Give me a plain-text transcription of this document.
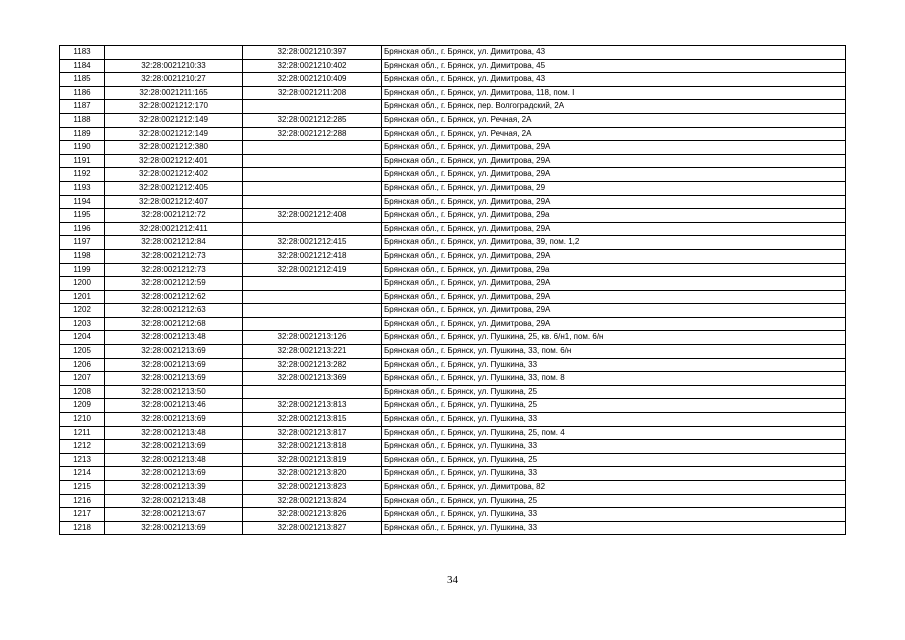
1183		32:28:0021210:397	Брянская обл., г. Брянск, ул. Димитрова, 43
1184	32:28:0021210:33	32:28:0021210:402	Брянская обл., г. Брянск, ул. Димитрова, 45
1185	32:28:0021210:27	32:28:0021210:409	Брянская обл., г. Брянск, ул. Димитрова, 43
1186	32:28:0021211:165	32:28:0021211:208	Брянская обл., г. Брянск, ул. Димитрова, 118, пом. I
1187	32:28:0021212:170		Брянская обл., г. Брянск, пер. Волгоградский, 2А
1188	32:28:0021212:149	32:28:0021212:285	Брянская обл., г. Брянск, ул. Речная, 2А
1189	32:28:0021212:149	32:28:0021212:288	Брянская обл., г. Брянск, ул. Речная, 2А
1190	32:28:0021212:380		Брянская обл., г. Брянск, ул. Димитрова, 29А
1191	32:28:0021212:401		Брянская обл., г. Брянск, ул. Димитрова, 29А
1192	32:28:0021212:402		Брянская обл., г. Брянск, ул. Димитрова, 29А
1193	32:28:0021212:405		Брянская обл., г. Брянск, ул. Димитрова, 29
1194	32:28:0021212:407		Брянская обл., г. Брянск, ул. Димитрова, 29А
1195	32:28:0021212:72	32:28:0021212:408	Брянская обл., г. Брянск, ул. Димитрова, 29а
1196	32:28:0021212:411		Брянская обл., г. Брянск, ул. Димитрова, 29А
1197	32:28:0021212:84	32:28:0021212:415	Брянская обл., г. Брянск, ул. Димитрова, 39, пом. 1,2
1198	32:28:0021212:73	32:28:0021212:418	Брянская обл., г. Брянск, ул. Димитрова, 29А
1199	32:28:0021212:73	32:28:0021212:419	Брянская обл., г. Брянск, ул. Димитрова, 29а
1200	32:28:0021212:59		Брянская обл., г. Брянск, ул. Димитрова, 29А
1201	32:28:0021212:62		Брянская обл., г. Брянск, ул. Димитрова, 29А
1202	32:28:0021212:63		Брянская обл., г. Брянск, ул. Димитрова, 29А
1203	32:28:0021212:68		Брянская обл., г. Брянск, ул. Димитрова, 29А
1204	32:28:0021213:48	32:28:0021213:126	Брянская обл., г. Брянск, ул. Пушкина, 25, кв. 6/н1, пом. 6/н
1205	32:28:0021213:69	32:28:0021213:221	Брянская обл., г. Брянск, ул. Пушкина, 33, пом. 6/н
1206	32:28:0021213:69	32:28:0021213:282	Брянская обл., г. Брянск, ул. Пушкина, 33
1207	32:28:0021213:69	32:28:0021213:369	Брянская обл., г. Брянск, ул. Пушкина, 33, пом. 8
1208	32:28:0021213:50		Брянская обл., г. Брянск, ул. Пушкина, 25
1209	32:28:0021213:46	32:28:0021213:813	Брянская обл., г. Брянск, ул. Пушкина, 25
1210	32:28:0021213:69	32:28:0021213:815	Брянская обл., г. Брянск, ул. Пушкина, 33
1211	32:28:0021213:48	32:28:0021213:817	Брянская обл., г. Брянск, ул. Пушкина, 25, пом. 4
1212	32:28:0021213:69	32:28:0021213:818	Брянская обл., г. Брянск, ул. Пушкина, 33
1213	32:28:0021213:48	32:28:0021213:819	Брянская обл., г. Брянск, ул. Пушкина, 25
1214	32:28:0021213:69	32:28:0021213:820	Брянская обл., г. Брянск, ул. Пушкина, 33
1215	32:28:0021213:39	32:28:0021213:823	Брянская обл., г. Брянск, ул. Димитрова, 82
1216	32:28:0021213:48	32:28:0021213:824	Брянская обл., г. Брянск, ул. Пушкина, 25
1217	32:28:0021213:67	32:28:0021213:826	Брянская обл., г. Брянск, ул. Пушкина, 33
1218	32:28:0021213:69	32:28:0021213:827	Брянская обл., г. Брянск, ул. Пушкина, 33
34
